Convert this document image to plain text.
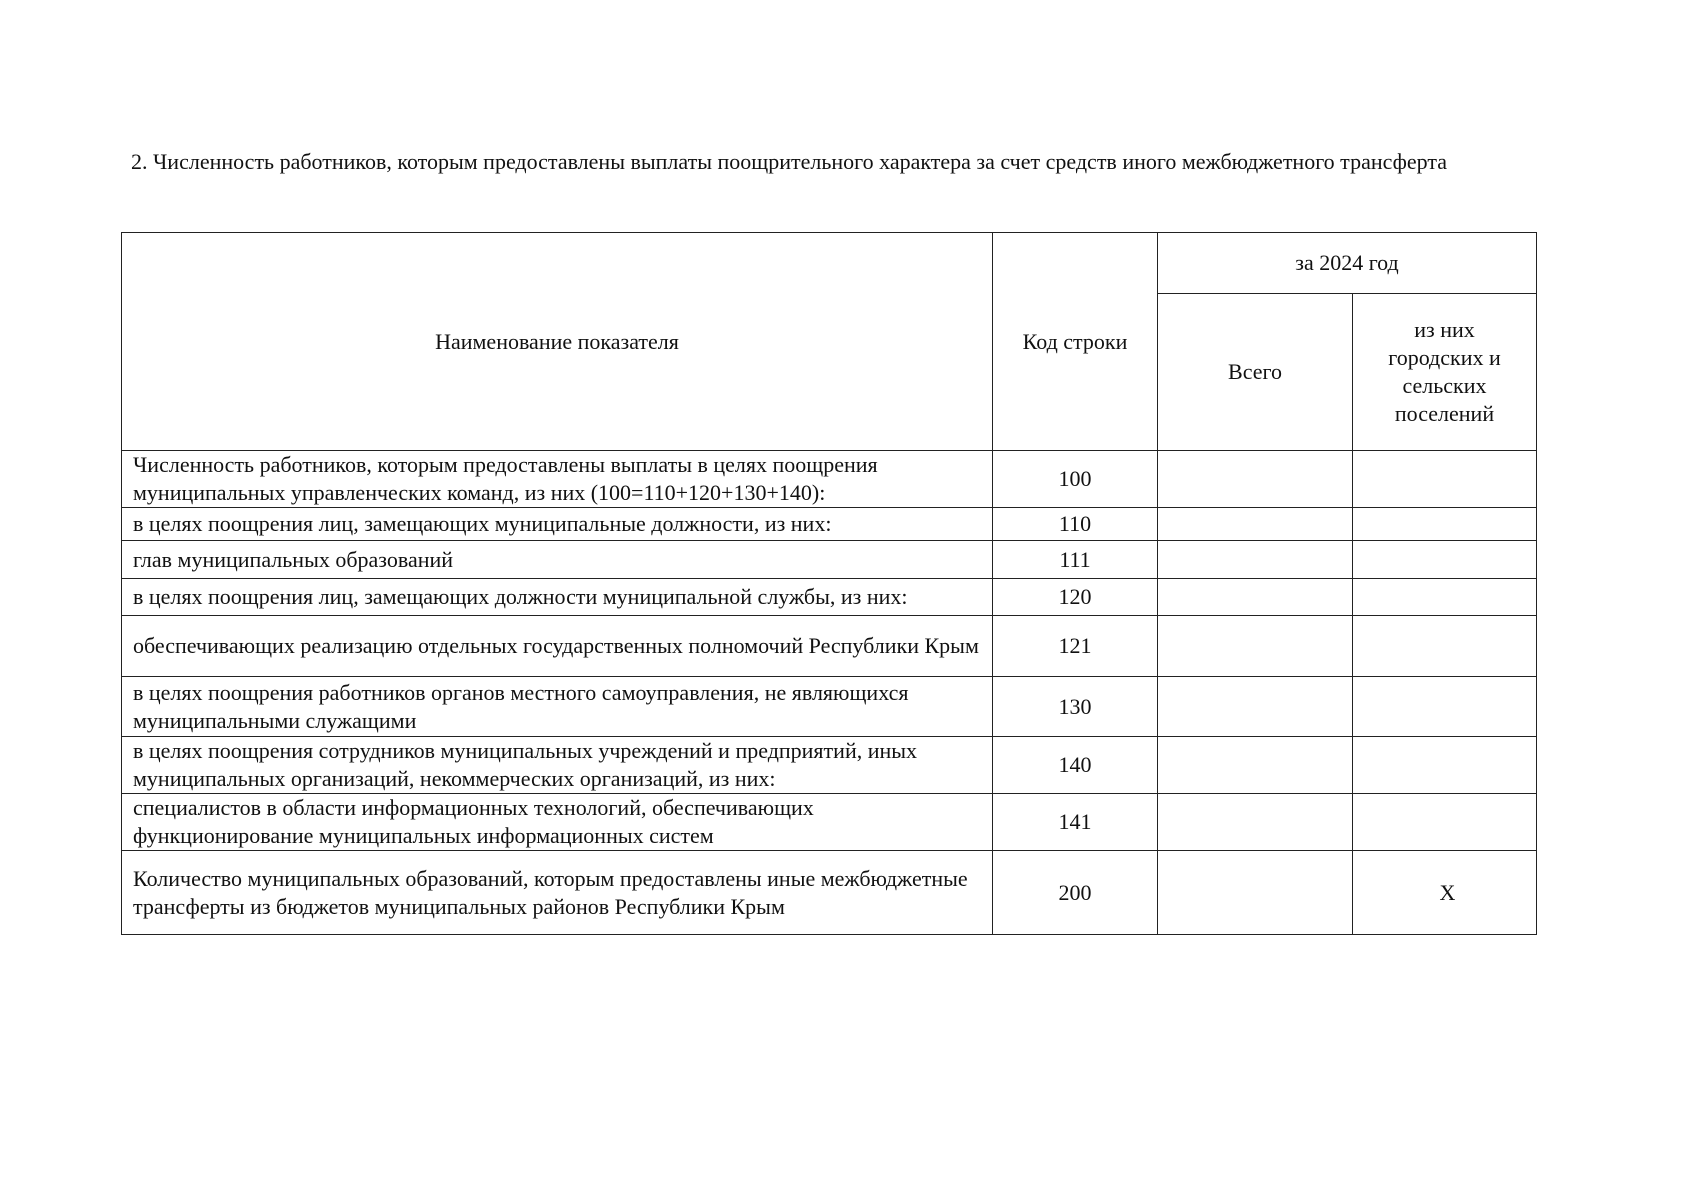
2. Численность работников, которым предоставлены выплаты поощрительного характера за счет средств иного межбюджетного трансферта
Наименование показателя	Код строки	за 2024 год	
		Всего	из них городских и сельских поселений
Численность работников, которым предоставлены выплаты в целях поощрения муниципальных управленческих команд, из них (100=110+120+130+140):	100		
в целях поощрения лиц, замещающих муниципальные должности, из них:	110		
глав муниципальных образований	111		
в целях поощрения лиц, замещающих должности муниципальной службы, из них:	120		
обеспечивающих реализацию отдельных государственных полномочий Республики Крым	121		
в целях поощрения работников органов местного самоуправления, не являющихся муниципальными служащими	130		
в целях поощрения сотрудников муниципальных учреждений и предприятий, иных муниципальных организаций, некоммерческих организаций, из них:	140		
специалистов в области информационных технологий, обеспечивающих функционирование муниципальных информационных систем	141		
Количество муниципальных образований, которым предоставлены иные межбюджетные трансферты из бюджетов муниципальных районов Республики Крым	200		Х
